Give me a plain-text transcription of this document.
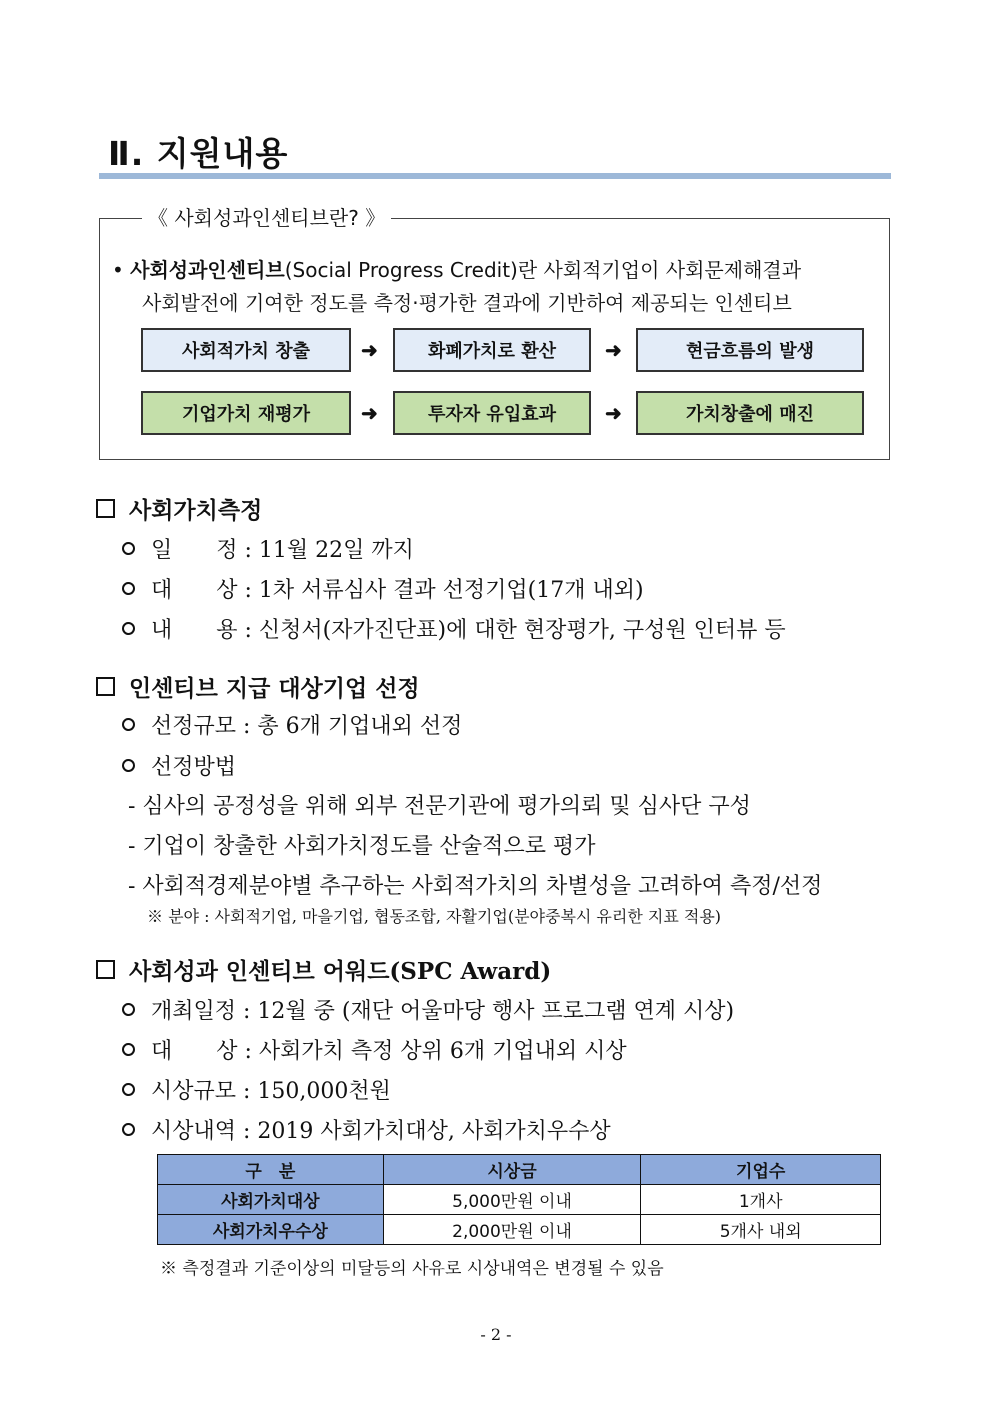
Ⅱ. 지원내용
《 사회성과인센티브란? 》
• 사회성과인센티브(Social Progress Credit)란 사회적기업이 사회문제해결과
사회발전에 기여한 정도를 측정·평가한 결과에 기반하여 제공되는 인센티브
사회적가치 창출	➜	화폐가치로 환산	➜	현금흐름의 발생
기업가치 재평가	➜	투자자 유입효과	➜	가치창출에 매진
사회가치측정
일　　정 : 11월 22일 까지
대　　상 : 1차 서류심사 결과 선정기업(17개 내외)
내　　용 : 신청서(자가진단표)에 대한 현장평가, 구성원 인터뷰 등
인센티브 지급 대상기업 선정
선정규모 : 총 6개 기업내외 선정
선정방법
- 심사의 공정성을 위해 외부 전문기관에 평가의뢰 및 심사단 구성
- 기업이 창출한 사회가치정도를 산술적으로 평가
- 사회적경제분야별 추구하는 사회적가치의 차별성을 고려하여 측정/선정
※ 분야 : 사회적기업, 마을기업, 협동조합, 자활기업(분야중복시 유리한 지표 적용)
사회성과 인센티브 어워드(SPC Award)
개최일정 : 12월 중 (재단 어울마당 행사 프로그램 연계 시상)
대　　상 : 사회가치 측정 상위 6개 기업내외 시상
시상규모 : 150,000천원
시상내역 : 2019 사회가치대상, 사회가치우수상
구　분	시상금	기업수
사회가치대상	5,000만원 이내	1개사
사회가치우수상	2,000만원 이내	5개사 내외
※ 측정결과 기준이상의 미달등의 사유로 시상내역은 변경될 수 있음
- 2 -
